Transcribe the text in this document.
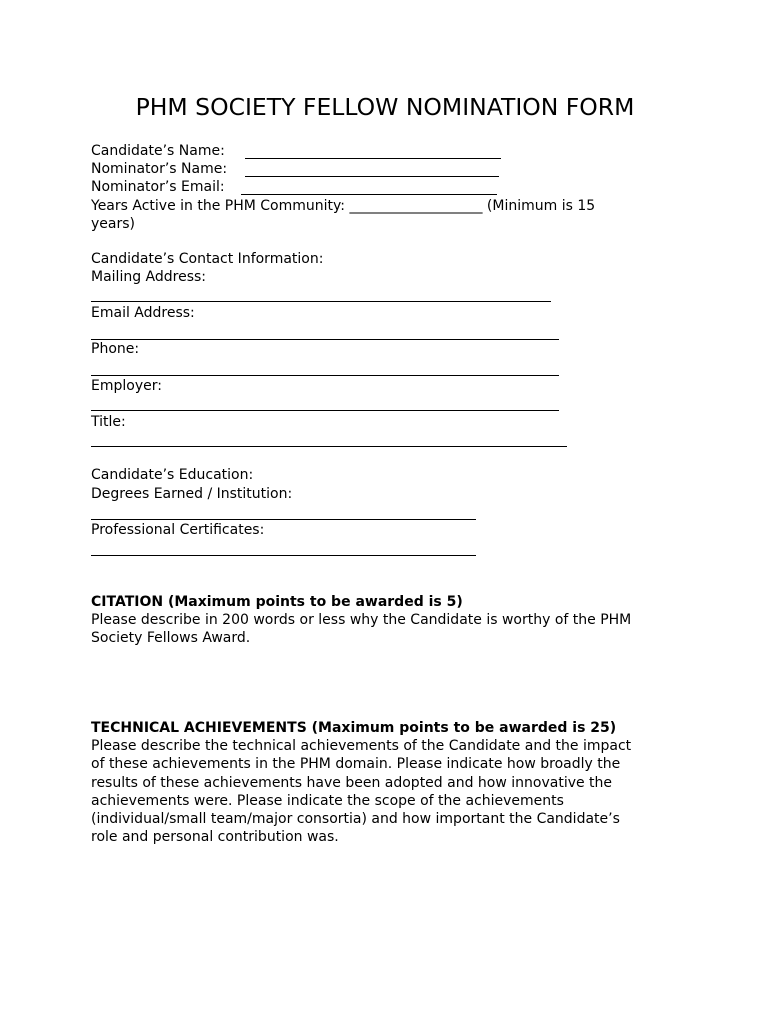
PHM SOCIETY FELLOW NOMINATION FORM
Candidate’s Name:
Nominator’s Name:
Nominator’s Email:
Years Active in the PHM Community: ___________________ (Minimum is 15
years)
Candidate’s Contact Information:
Mailing Address:
Email Address:
Phone:
Employer:
Title:
Candidate’s Education:
Degrees Earned / Institution:
Professional Certificates:
CITATION (Maximum points to be awarded is 5)
Please describe in 200 words or less why the Candidate is worthy of the PHM
Society Fellows Award.
TECHNICAL ACHIEVEMENTS (Maximum points to be awarded is 25)
Please describe the technical achievements of the Candidate and the impact
of these achievements in the PHM domain. Please indicate how broadly the
results of these achievements have been adopted and how innovative the
achievements were. Please indicate the scope of the achievements
(individual/small team/major consortia) and how important the Candidate’s
role and personal contribution was.
